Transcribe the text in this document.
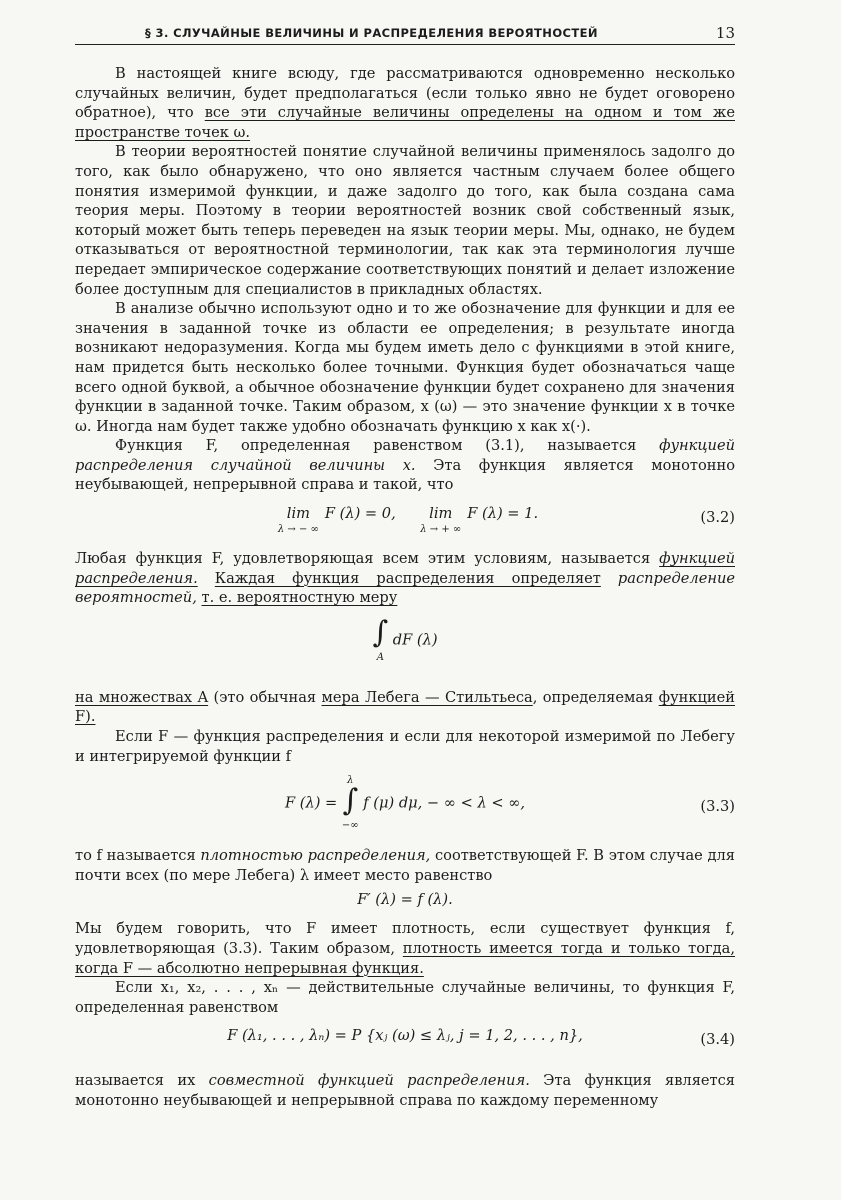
§ 3. СЛУЧАЙНЫЕ ВЕЛИЧИНЫ И РАСПРЕДЕЛЕНИЯ ВЕРОЯТНОСТЕЙ	13

В настоящей книге всюду, где рассматриваются одновременно несколько случайных величин, будет предполагаться (если только явно не будет оговорено обратное), что все эти случайные величины определены на одном и том же пространстве точек ω.

В теории вероятностей понятие случайной величины применялось задолго до того, как было обнаружено, что оно является частным случаем более общего понятия измеримой функции, и даже задолго до того, как была создана сама теория меры. Поэтому в теории вероятностей возник свой собственный язык, который может быть теперь переведен на язык теории меры. Мы, однако, не будем отказываться от вероятностной терминологии, так как эта терминология лучше передает эмпирическое содержание соответствующих понятий и делает изложение более доступным для специалистов в прикладных областях.

В анализе обычно используют одно и то же обозначение для функции и для ее значения в заданной точке из области ее определения; в результате иногда возникают недоразумения. Когда мы будем иметь дело с функциями в этой книге, нам придется быть несколько более точными. Функция будет обозначаться чаще всего одной буквой, а обычное обозначение функции будет сохранено для значения функции в заданной точке. Таким образом, x (ω) — это значение функции x в точке ω. Иногда нам будет также удобно обозначать функцию x как x(·).

Функция F, определенная равенством (3.1), называется функцией распределения случайной величины x. Эта функция является монотонно неубывающей, непрерывной справа и такой, что

lim
λ → − ∞
F (λ) = 0, lim
λ → + ∞
F (λ) = 1.	(3.2)

Любая функция F, удовлетворяющая всем этим условиям, называется функцией распределения. Каждая функция распределения определяет распределение вероятностей, т. е. вероятностную меру

∫
A
dF (λ)

на множествах A (это обычная мера Лебега — Стильтьеса, определяемая функцией F).

Если F — функция распределения и если для некоторой измеримой по Лебегу и интегрируемой функции f

F (λ) =
λ
∫
−∞
f (μ) dμ, − ∞ < λ < ∞,	(3.3)

то f называется плотностью распределения, соответствующей F. В этом случае для почти всех (по мере Лебега) λ имеет место равенство

F′ (λ) = f (λ).

Мы будем говорить, что F имеет плотность, если существует функция f, удовлетворяющая (3.3). Таким образом, плотность имеется тогда и только тогда, когда F — абсолютно непрерывная функция.

Если x₁, x₂, . . . , xₙ — действительные случайные величины, то функция F, определенная равенством

F (λ₁, . . . , λₙ) = P {xⱼ (ω) ≤ λⱼ, j = 1, 2, . . . , n},	(3.4)

называется их совместной функцией распределения. Эта функция является монотонно неубывающей и непрерывной справа по каждому переменному
